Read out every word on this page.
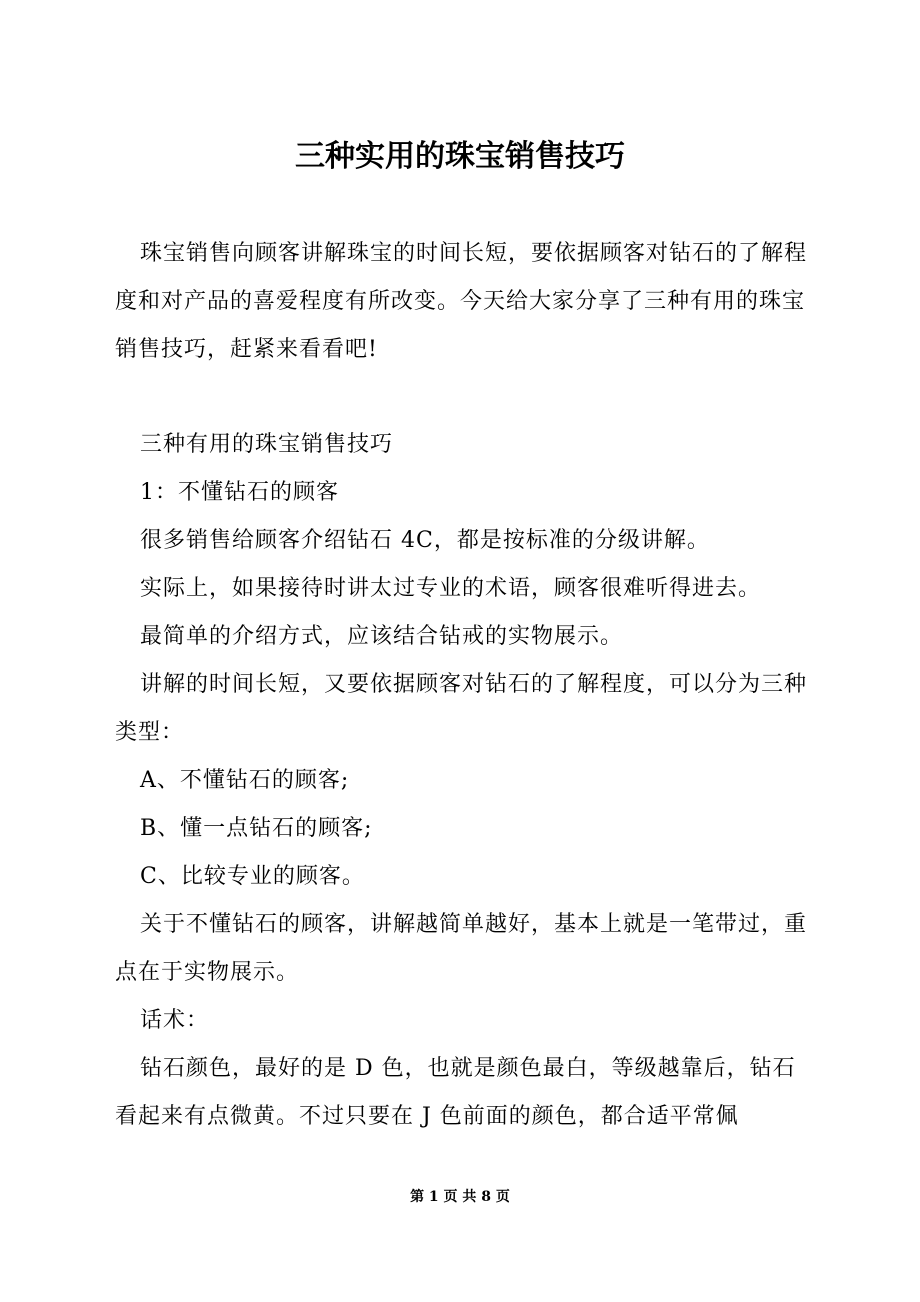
三种实用的珠宝销售技巧

珠宝销售向顾客讲解珠宝的时间长短，要依据顾客对钻石的了解程度和对产品的喜爱程度有所改变。今天给大家分享了三种有用的珠宝销售技巧，赶紧来看看吧!

三种有用的珠宝销售技巧

1：不懂钻石的顾客

很多销售给顾客介绍钻石 4C，都是按标准的分级讲解。

实际上，如果接待时讲太过专业的术语，顾客很难听得进去。

最简单的介绍方式，应该结合钻戒的实物展示。

讲解的时间长短，又要依据顾客对钻石的了解程度，可以分为三种类型：

A、不懂钻石的顾客;

B、懂一点钻石的顾客;

C、比较专业的顾客。

关于不懂钻石的顾客，讲解越简单越好，基本上就是一笔带过，重点在于实物展示。

话术：

钻石颜色，最好的是 D 色，也就是颜色最白，等级越靠后，钻石看起来有点微黄。不过只要在 J 色前面的颜色，都合适平常佩

第 1 页 共 8 页
